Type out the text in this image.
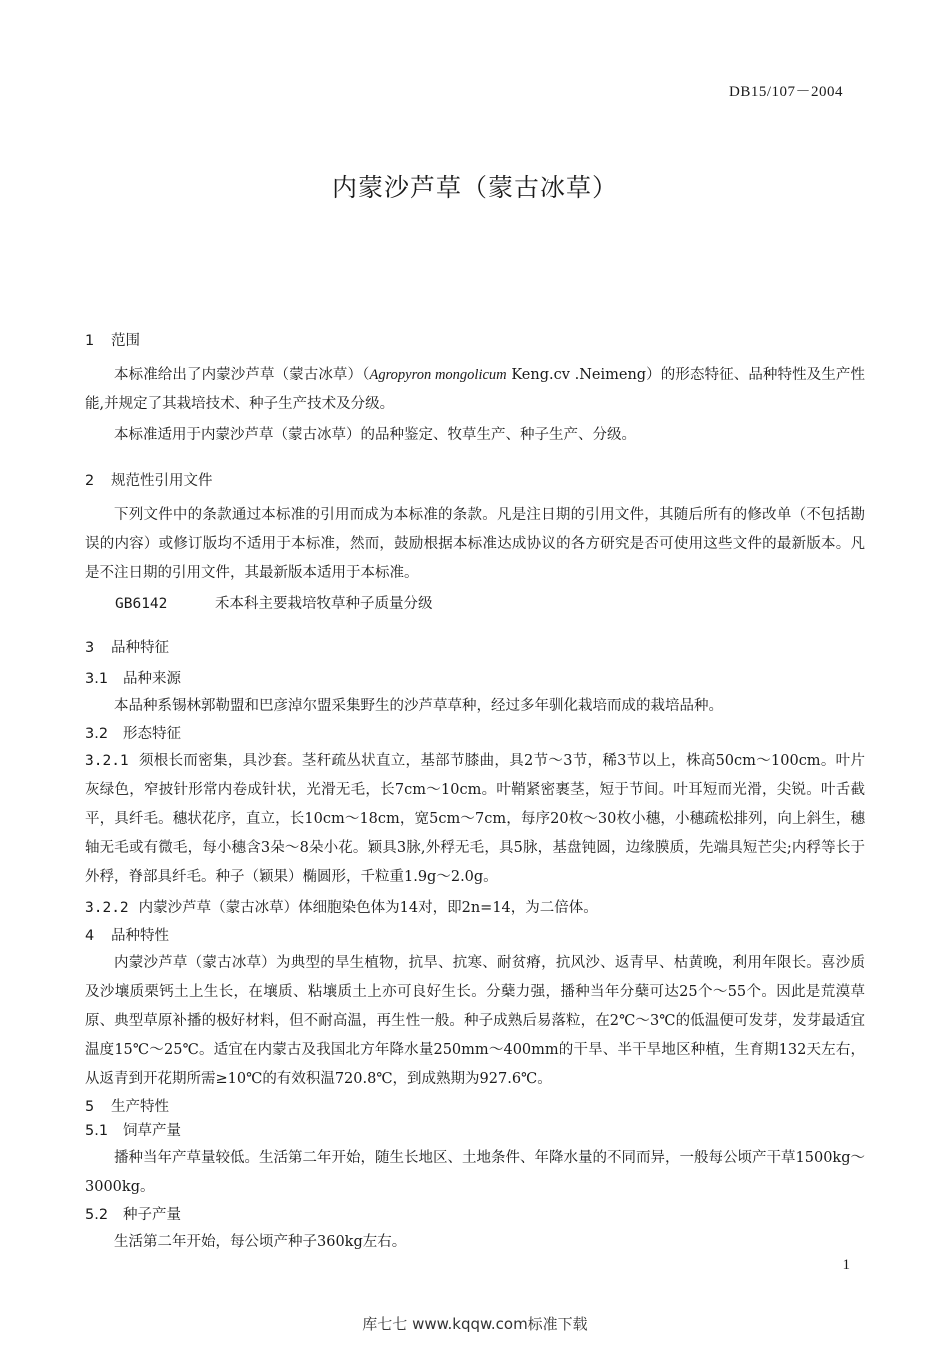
DB15/107－2004
内蒙沙芦草（蒙古冰草）
1 范围

本标准给出了内蒙沙芦草（蒙古冰草）（Agropyron mongolicum Keng.cv .Neimeng）的形态特征、品种特性及生产性能,并规定了其栽培技术、种子生产技术及分级。

本标准适用于内蒙沙芦草（蒙古冰草）的品种鉴定、牧草生产、种子生产、分级。

2 规范性引用文件

下列文件中的条款通过本标准的引用而成为本标准的条款。凡是注日期的引用文件，其随后所有的修改单（不包括勘误的内容）或修订版均不适用于本标准，然而，鼓励根据本标准达成协议的各方研究是否可使用这些文件的最新版本。凡是不注日期的引用文件，其最新版本适用于本标准。

GB6142	禾本科主要栽培牧草种子质量分级
3 品种特征
3.1 品种来源

本品种系锡林郭勒盟和巴彦淖尔盟采集野生的沙芦草草种，经过多年驯化栽培而成的栽培品种。

3.2 形态特征

3.2.1 须根长而密集，具沙套。茎秆疏丛状直立，基部节膝曲，具2节～3节，稀3节以上，株高50cm～100cm。叶片灰绿色，窄披针形常内卷成针状，光滑无毛，长7cm～10cm。叶鞘紧密裹茎，短于节间。叶耳短而光滑，尖锐。叶舌截平，具纤毛。穗状花序，直立，长10cm～18cm，宽5cm～7cm，每序20枚～30枚小穗，小穗疏松排列，向上斜生，穗轴无毛或有微毛，每小穗含3朵～8朵小花。颖具3脉,外稃无毛，具5脉，基盘钝圆，边缘膜质，先端具短芒尖;内稃等长于外稃，脊部具纤毛。种子（颖果）椭圆形，千粒重1.9g～2.0g。

3.2.2 内蒙沙芦草（蒙古冰草）体细胞染色体为14对，即2n=14，为二倍体。

4 品种特性

内蒙沙芦草（蒙古冰草）为典型的旱生植物，抗旱、抗寒、耐贫瘠，抗风沙、返青早、枯黄晚，利用年限长。喜沙质及沙壤质栗钙土上生长，在壤质、粘壤质土上亦可良好生长。分蘖力强，播种当年分蘖可达25个～55个。因此是荒漠草原、典型草原补播的极好材料，但不耐高温，再生性一般。种子成熟后易落粒，在2℃～3℃的低温便可发芽，发芽最适宜温度15℃～25℃。适宜在内蒙古及我国北方年降水量250mm～400mm的干旱、半干旱地区种植，生育期132天左右，从返青到开花期所需≥10℃的有效积温720.8℃，到成熟期为927.6℃。

5 生产特性
5.1 饲草产量

播种当年产草量较低。生活第二年开始，随生长地区、土地条件、年降水量的不同而异，一般每公顷产干草1500kg～3000kg。

5.2 种子产量

生活第二年开始，每公顷产种子360kg左右。

1
库七七 www.kqqw.com标准下载
